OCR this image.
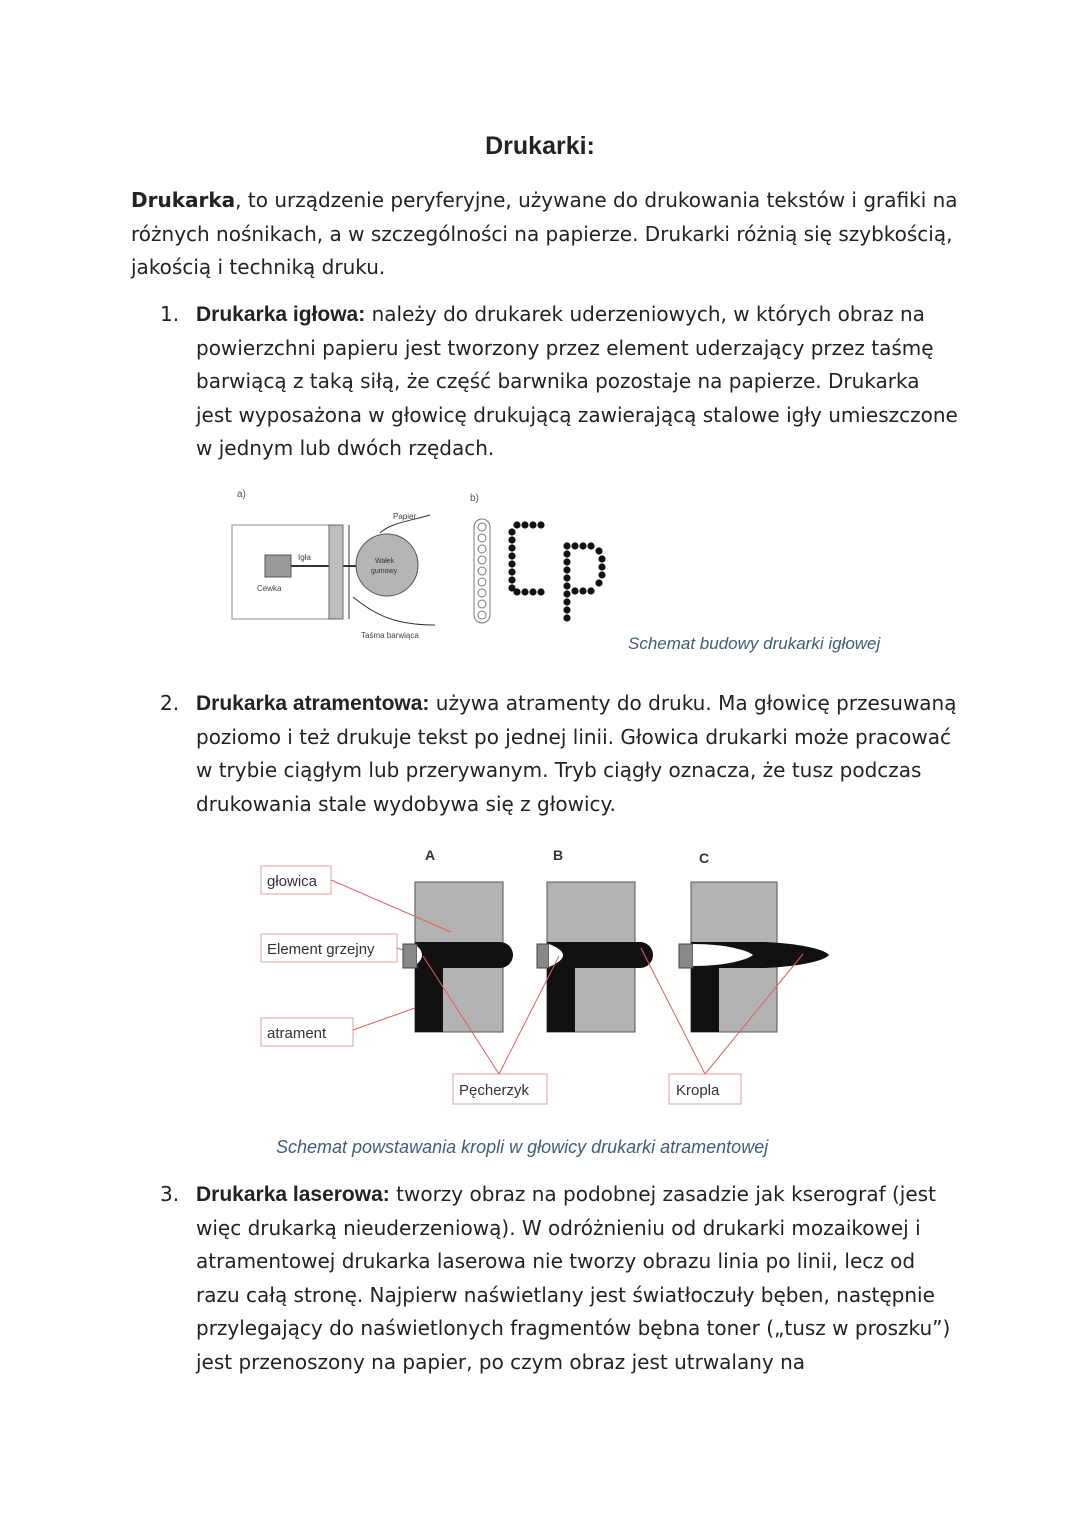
Drukarki:
Drukarka, to urządzenie peryferyjne, używane do drukowania tekstów i grafiki na różnych nośnikach, a w szczególności na papierze. Drukarki różnią się szybkością, jakością i techniką druku.
1. Drukarka igłowa: należy do drukarek uderzeniowych, w których obraz na powierzchni papieru jest tworzony przez element uderzający przez taśmę barwiącą z taką siłą, że część barwnika pozostaje na papierze. Drukarka jest wyposażona w głowicę drukującą zawierającą stalowe igły umieszczone w jednym lub dwóch rzędach.
a)	b)
Cewka
Igła
Papier
Wałek
gumowy
Taśma barwiąca	Schemat budowy drukarki igłowej
2. Drukarka atramentowa: używa atramenty do druku. Ma głowicę przesuwaną poziomo i też drukuje tekst po jednej linii. Głowica drukarki może pracować w trybie ciągłym lub przerywanym. Tryb ciągły oznacza, że tusz podczas drukowania stale wydobywa się z głowicy.
A	B	C
głowica
Element grzejny
atrament
Pęcherzyk	Kropla
Schemat powstawania kropli w głowicy drukarki atramentowej
3. Drukarka laserowa: tworzy obraz na podobnej zasadzie jak kserograf (jest więc drukarką nieuderzeniową). W odróżnieniu od drukarki mozaikowej i atramentowej drukarka laserowa nie tworzy obrazu linia po linii, lecz od razu całą stronę. Najpierw naświetlany jest światłoczuły bęben, następnie przylegający do naświetlonych fragmentów bębna toner („tusz w proszku”) jest przenoszony na papier, po czym obraz jest utrwalany na
